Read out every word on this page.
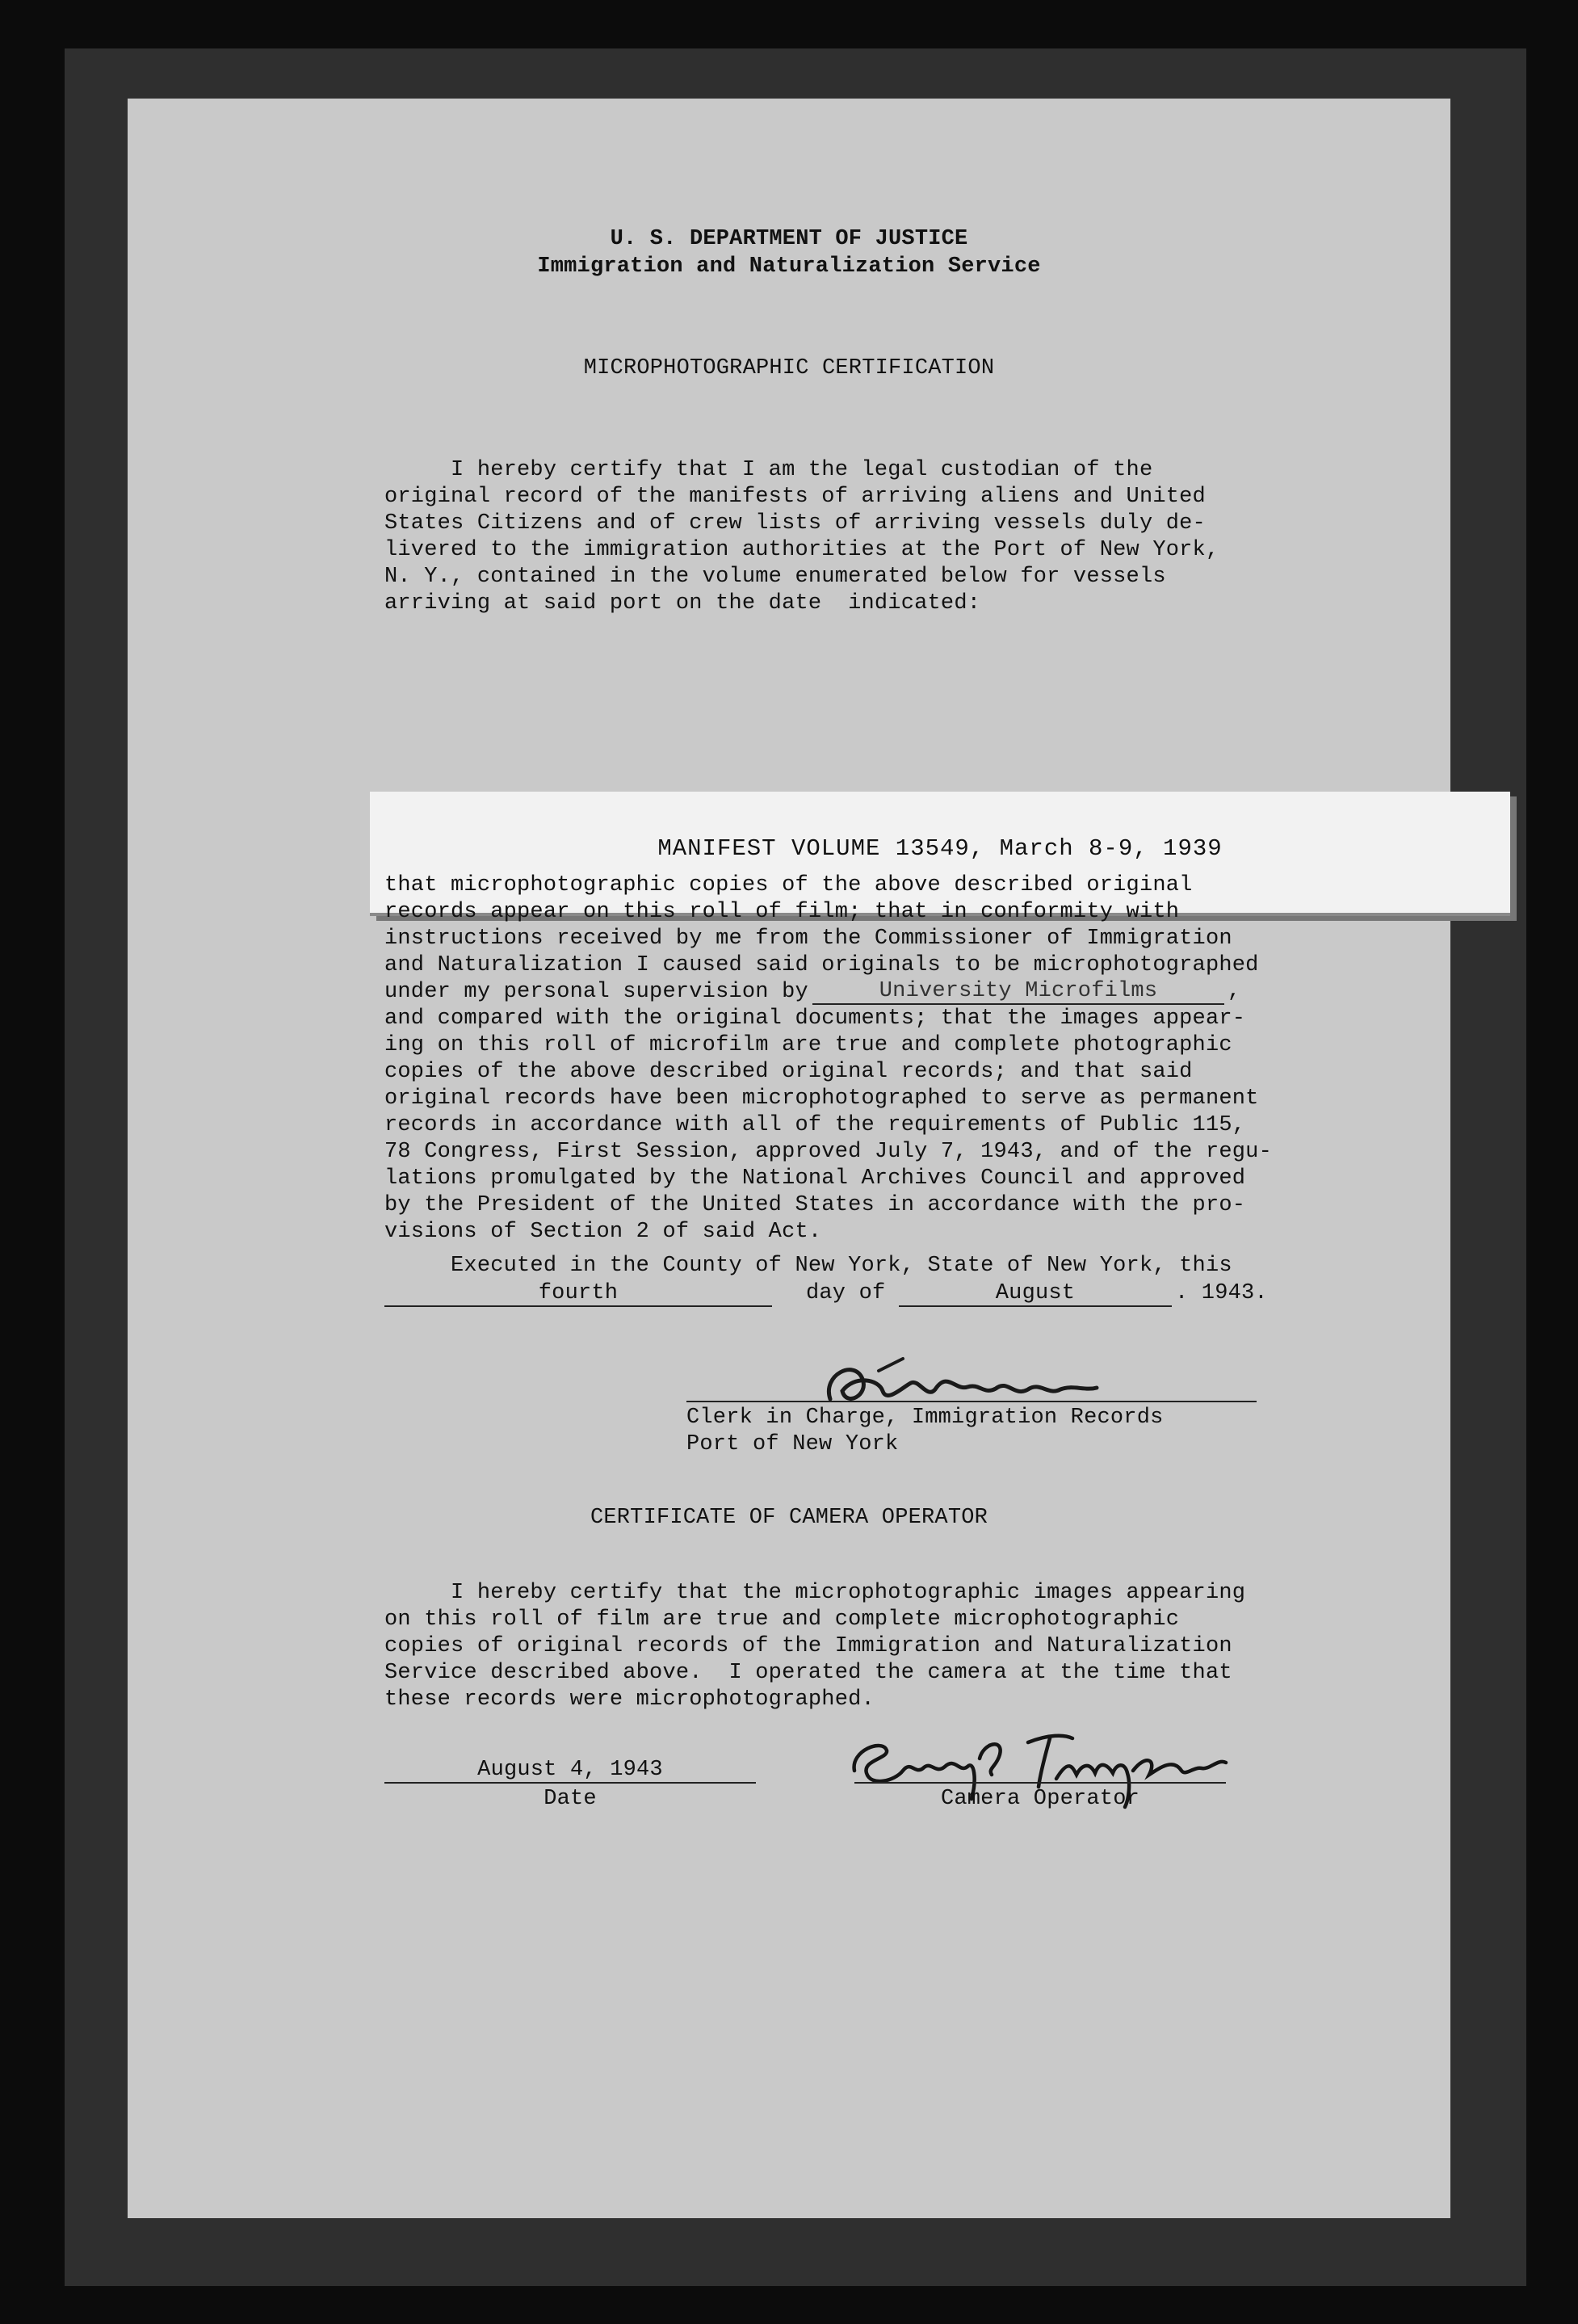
U. S. DEPARTMENT OF JUSTICE
Immigration and Naturalization Service
MICROPHOTOGRAPHIC CERTIFICATION
I hereby certify that I am the legal custodian of the
original record of the manifests of arriving aliens and United
States Citizens and of crew lists of arriving vessels duly de-
livered to the immigration authorities at the Port of New York,
N. Y., contained in the volume enumerated below for vessels
arriving at said port on the date  indicated:
MANIFEST VOLUME 13549, March 8-9, 1939
that microphotographic copies of the above described original
records appear on this roll of film; that in conformity with
instructions received by me from the Commissioner of Immigration
and Naturalization I caused said originals to be microphotographed
under my personal supervision by
and compared with the original documents; that the images appear-
ing on this roll of microfilm are true and complete photographic
copies of the above described original records; and that said
original records have been microphotographed to serve as permanent
records in accordance with all of the requirements of Public 115,
78 Congress, First Session, approved July 7, 1943, and of the regu-
lations promulgated by the National Archives Council and approved
by the President of the United States in accordance with the pro-
visions of Section 2 of said Act.
University Microfilms	,
Executed in the County of New York, State of New York, this
fourth	day of	August	. 1943.
Clerk in Charge, Immigration Records
Port of New York
CERTIFICATE OF CAMERA OPERATOR
I hereby certify that the microphotographic images appearing
on this roll of film are true and complete microphotographic
copies of original records of the Immigration and Naturalization
Service described above.  I operated the camera at the time that
these records were microphotographed.
August 4, 1943
Date	Camera Operator
